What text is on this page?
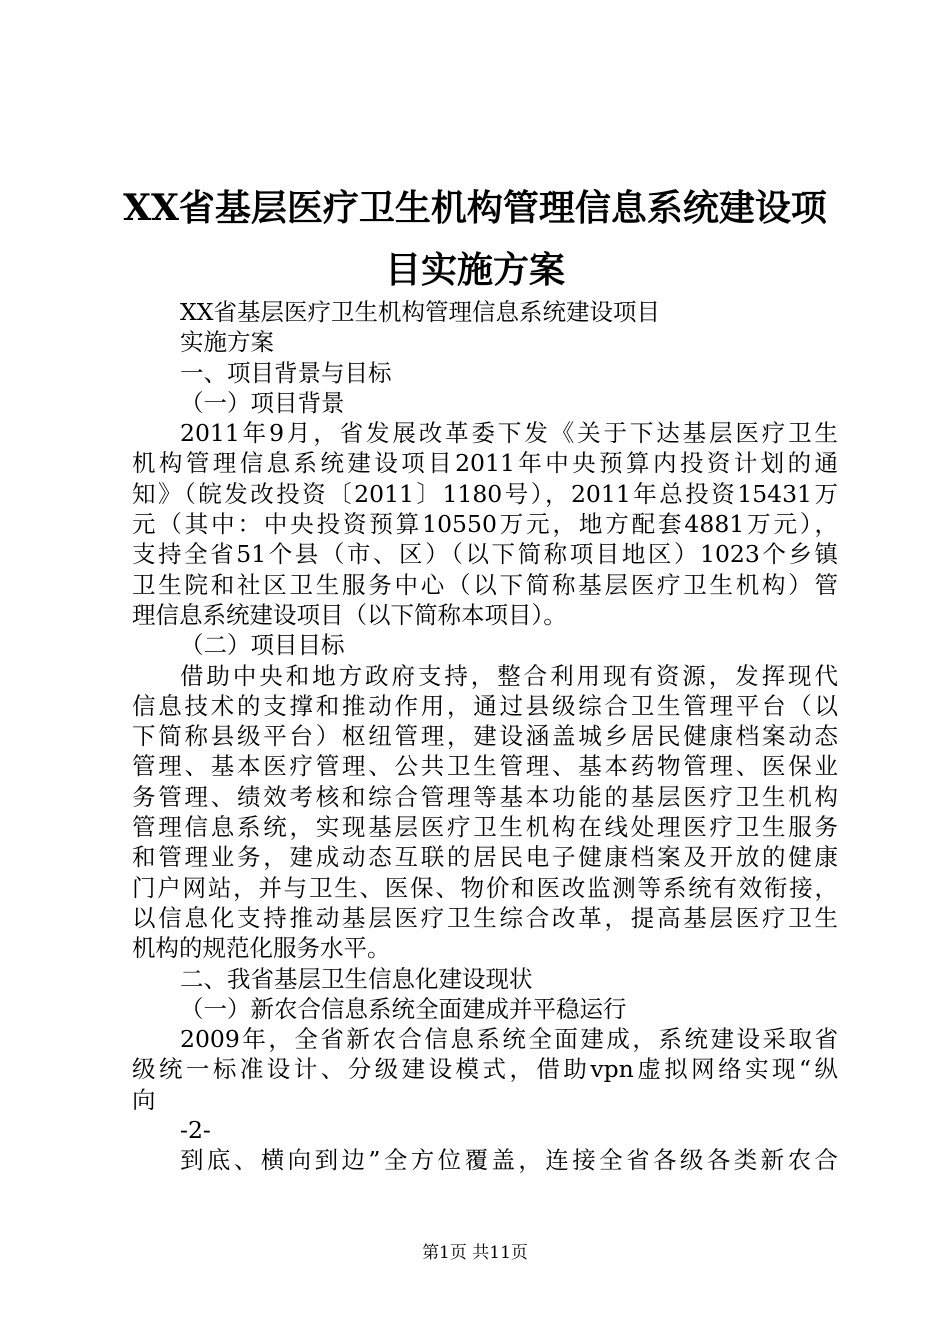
XX省基层医疗卫生机构管理信息系统建设项
目实施方案
XX省基层医疗卫生机构管理信息系统建设项目
实施方案
一、项目背景与目标
（一）项目背景
2011年9月，省发展改革委下发《关于下达基层医疗卫生
机构管理信息系统建设项目2011年中央预算内投资计划的通
知》（皖发改投资〔2011〕1180号），2011年总投资15431万
元（其中：中央投资预算10550万元，地方配套4881万元），
支持全省51个县（市、区）（以下简称项目地区）1023个乡镇
卫生院和社区卫生服务中心（以下简称基层医疗卫生机构）管
理信息系统建设项目（以下简称本项目）。
（二）项目目标
借助中央和地方政府支持，整合利用现有资源，发挥现代
信息技术的支撑和推动作用，通过县级综合卫生管理平台（以
下简称县级平台）枢纽管理，建设涵盖城乡居民健康档案动态
管理、基本医疗管理、公共卫生管理、基本药物管理、医保业
务管理、绩效考核和综合管理等基本功能的基层医疗卫生机构
管理信息系统，实现基层医疗卫生机构在线处理医疗卫生服务
和管理业务，建成动态互联的居民电子健康档案及开放的健康
门户网站，并与卫生、医保、物价和医改监测等系统有效衔接，
以信息化支持推动基层医疗卫生综合改革，提高基层医疗卫生
机构的规范化服务水平。
二、我省基层卫生信息化建设现状
（一）新农合信息系统全面建成并平稳运行
2009年，全省新农合信息系统全面建成，系统建设采取省
级统一标准设计、分级建设模式，借助vpn虚拟网络实现“纵
向
-2-
到底、横向到边”全方位覆盖，连接全省各级各类新农合
第1页 共11页
